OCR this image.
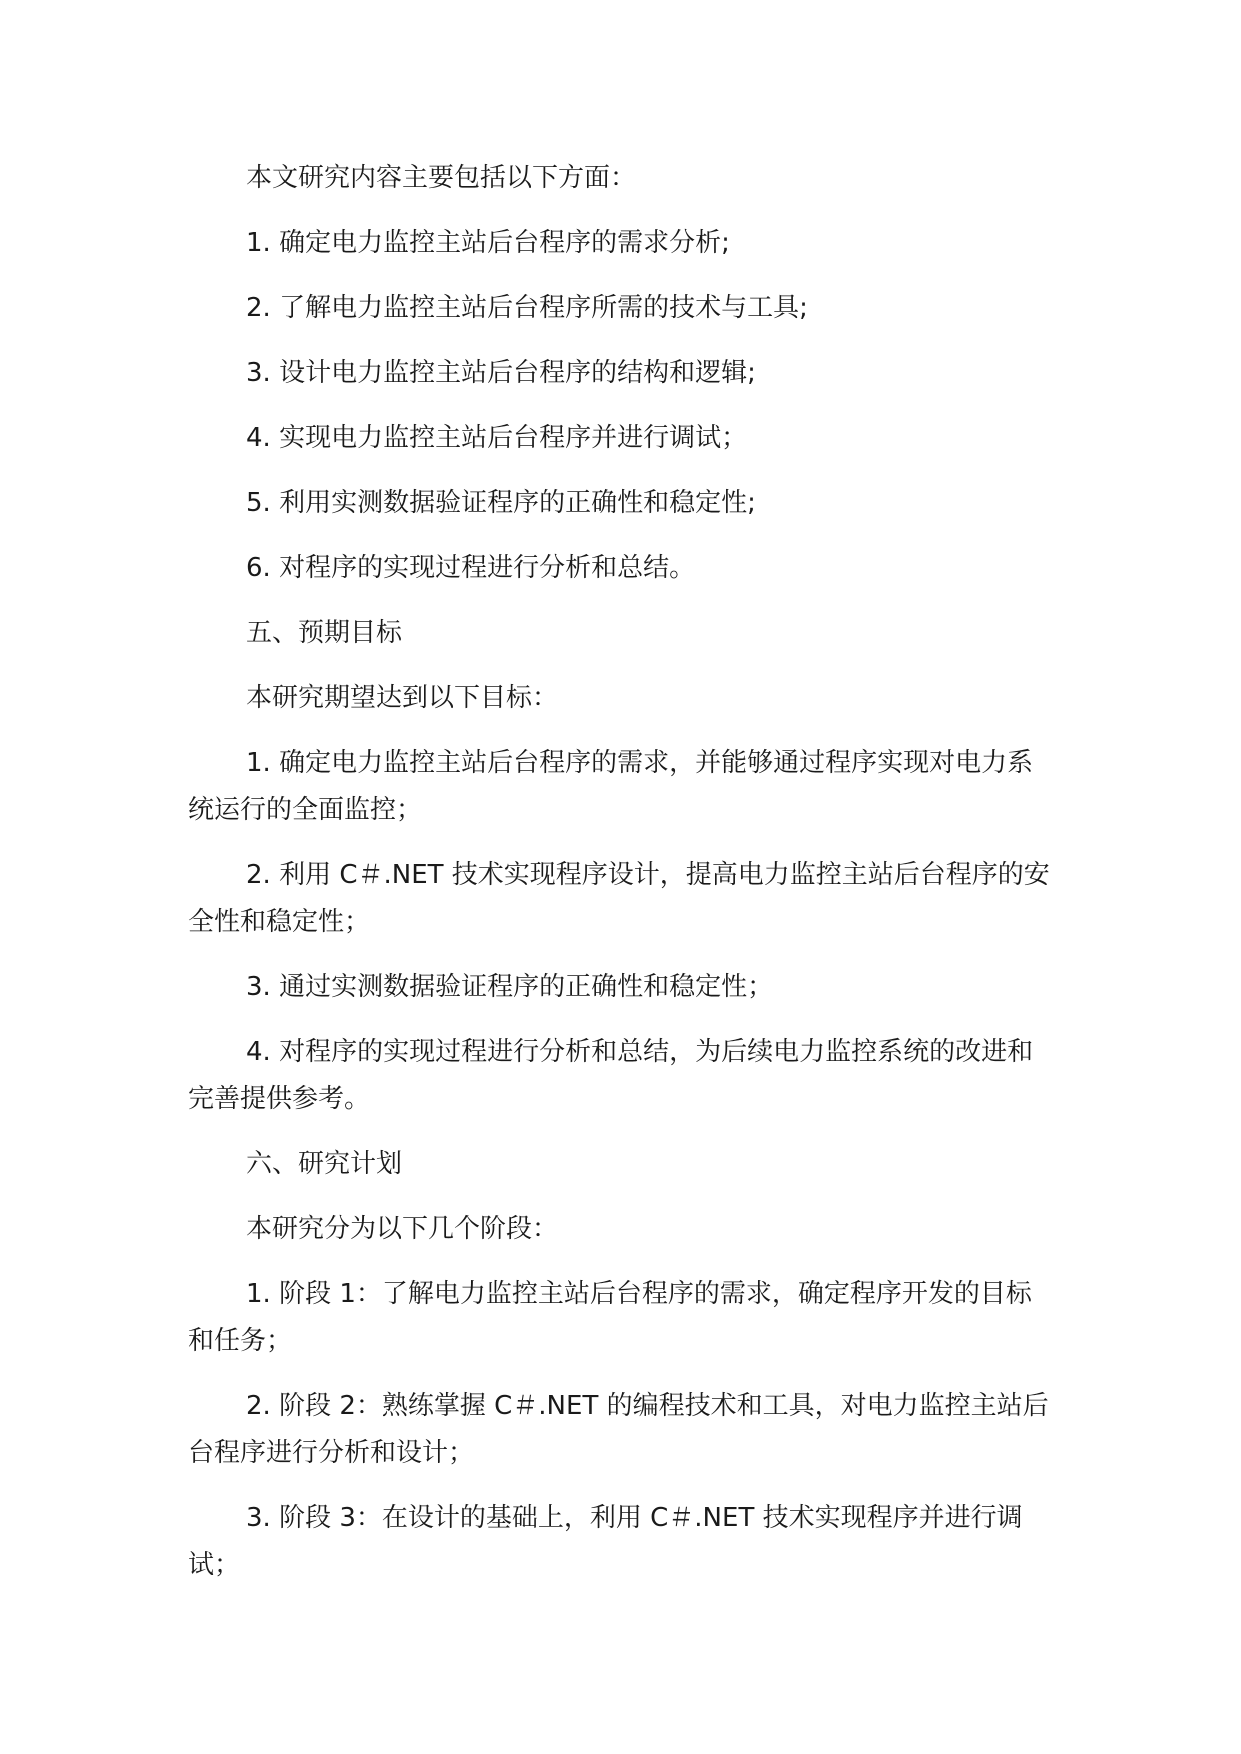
本文研究内容主要包括以下方面：

1. 确定电力监控主站后台程序的需求分析;

2. 了解电力监控主站后台程序所需的技术与工具;

3. 设计电力监控主站后台程序的结构和逻辑;

4. 实现电力监控主站后台程序并进行调试；

5. 利用实测数据验证程序的正确性和稳定性;

6. 对程序的实现过程进行分析和总结。

五、预期目标

本研究期望达到以下目标：

1. 确定电力监控主站后台程序的需求，并能够通过程序实现对电力系统运行的全面监控；

2. 利用 C＃.NET 技术实现程序设计，提高电力监控主站后台程序的安全性和稳定性；

3. 通过实测数据验证程序的正确性和稳定性；

4. 对程序的实现过程进行分析和总结，为后续电力监控系统的改进和完善提供参考。

六、研究计划

本研究分为以下几个阶段：

1. 阶段 1：了解电力监控主站后台程序的需求，确定程序开发的目标和任务；

2. 阶段 2：熟练掌握 C＃.NET 的编程技术和工具，对电力监控主站后台程序进行分析和设计；

3. 阶段 3：在设计的基础上，利用 C＃.NET 技术实现程序并进行调试；
